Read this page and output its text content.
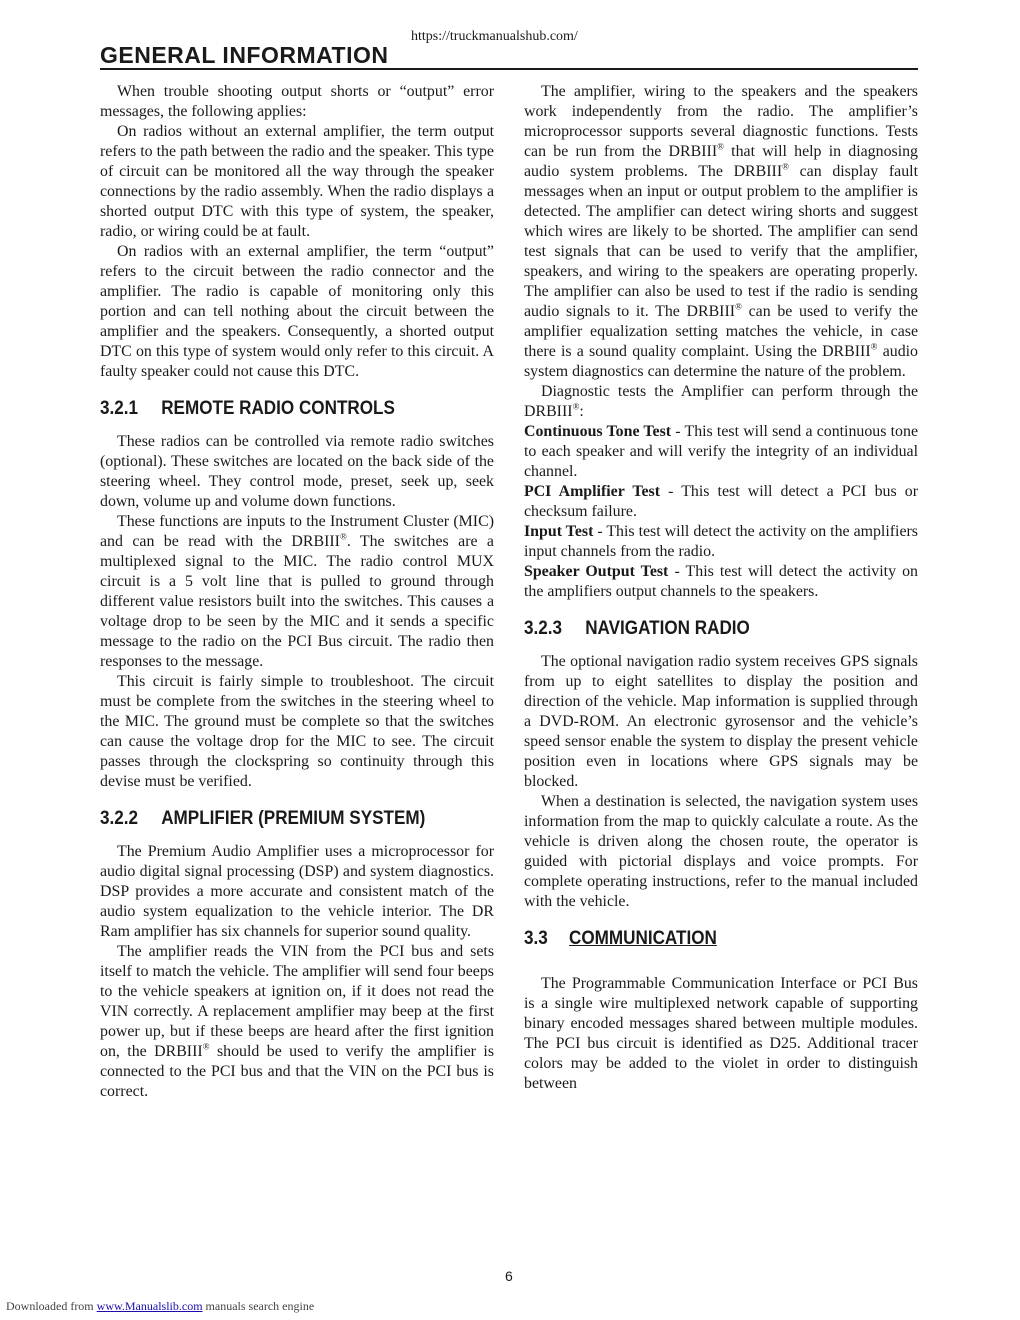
https://truckmanualshub.com/
GENERAL INFORMATION

When trouble shooting output shorts or “output” error messages, the following applies:

On radios without an external amplifier, the term output refers to the path between the radio and the speaker. This type of circuit can be monitored all the way through the speaker connections by the radio assembly. When the radio displays a shorted output DTC with this type of system, the speaker, radio, or wiring could be at fault.

On radios with an external amplifier, the term “output” refers to the circuit between the radio connector and the amplifier. The radio is capable of monitoring only this portion and can tell nothing about the circuit between the amplifier and the speakers. Consequently, a shorted output DTC on this type of system would only refer to this circuit. A faulty speaker could not cause this DTC.

3.2.1 REMOTE RADIO CONTROLS

These radios can be controlled via remote radio switches (optional). These switches are located on the back side of the steering wheel. They control mode, preset, seek up, seek down, volume up and volume down functions.

These functions are inputs to the Instrument Cluster (MIC) and can be read with the DRBIII®. The switches are a multiplexed signal to the MIC. The radio control MUX circuit is a 5 volt line that is pulled to ground through different value resistors built into the switches. This causes a voltage drop to be seen by the MIC and it sends a specific message to the radio on the PCI Bus circuit. The radio then responses to the message.

This circuit is fairly simple to troubleshoot. The circuit must be complete from the switches in the steering wheel to the MIC. The ground must be complete so that the switches can cause the voltage drop for the MIC to see. The circuit passes through the clockspring so continuity through this devise must be verified.

3.2.2 AMPLIFIER (PREMIUM SYSTEM)

The Premium Audio Amplifier uses a microprocessor for audio digital signal processing (DSP) and system diagnostics. DSP provides a more accurate and consistent match of the audio system equalization to the vehicle interior. The DR Ram amplifier has six channels for superior sound quality.

The amplifier reads the VIN from the PCI bus and sets itself to match the vehicle. The amplifier will send four beeps to the vehicle speakers at ignition on, if it does not read the VIN correctly. A replacement amplifier may beep at the first power up, but if these beeps are heard after the first ignition on, the DRBIII® should be used to verify the amplifier is connected to the PCI bus and that the VIN on the PCI bus is correct.

The amplifier, wiring to the speakers and the speakers work independently from the radio. The amplifier’s microprocessor supports several diagnostic functions. Tests can be run from the DRBIII® that will help in diagnosing audio system problems. The DRBIII® can display fault messages when an input or output problem to the amplifier is detected. The amplifier can detect wiring shorts and suggest which wires are likely to be shorted. The amplifier can send test signals that can be used to verify that the amplifier, speakers, and wiring to the speakers are operating properly. The amplifier can also be used to test if the radio is sending audio signals to it. The DRBIII® can be used to verify the amplifier equalization setting matches the vehicle, in case there is a sound quality complaint. Using the DRBIII® audio system diagnostics can determine the nature of the problem.

Diagnostic tests the Amplifier can perform through the DRBIII®:

Continuous Tone Test - This test will send a continuous tone to each speaker and will verify the integrity of an individual channel.

PCI Amplifier Test - This test will detect a PCI bus or checksum failure.

Input Test - This test will detect the activity on the amplifiers input channels from the radio.

Speaker Output Test - This test will detect the activity on the amplifiers output channels to the speakers.

3.2.3 NAVIGATION RADIO

The optional navigation radio system receives GPS signals from up to eight satellites to display the position and direction of the vehicle. Map information is supplied through a DVD-ROM. An electronic gyrosensor and the vehicle’s speed sensor enable the system to display the present vehicle position even in locations where GPS signals may be blocked.

When a destination is selected, the navigation system uses information from the map to quickly calculate a route. As the vehicle is driven along the chosen route, the operator is guided with pictorial displays and voice prompts. For complete operating instructions, refer to the manual included with the vehicle.

3.3 COMMUNICATION

The Programmable Communication Interface or PCI Bus is a single wire multiplexed network capable of supporting binary encoded messages shared between multiple modules. The PCI bus circuit is identified as D25. Additional tracer colors may be added to the violet in order to distinguish between

6
Downloaded from www.Manualslib.com manuals search engine
